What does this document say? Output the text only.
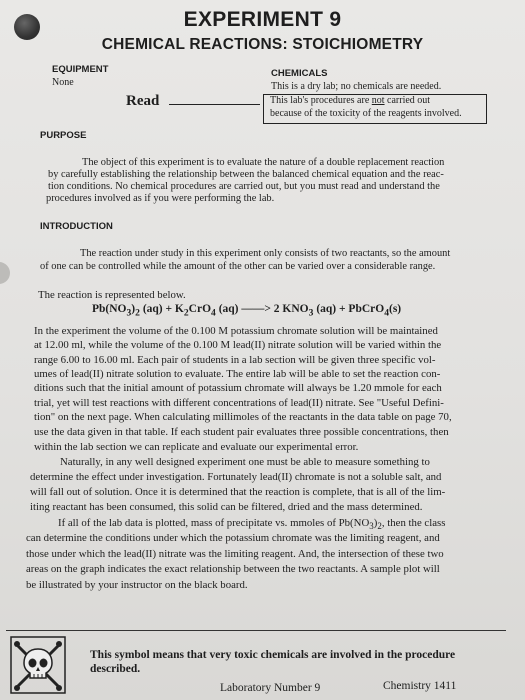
EXPERIMENT 9
CHEMICAL REACTIONS: STOICHIOMETRY
EQUIPMENT
None
CHEMICALS
This is a dry lab; no chemicals are needed.
Read	This lab's procedures are not carried out
because of the toxicity of the reagents involved.
PURPOSE
The object of this experiment is to evaluate the nature of a double replacement reaction
by carefully establishing the relationship between the balanced chemical equation and the reac-
tion conditions. No chemical procedures are carried out, but you must read and understand the
procedures involved as if you were performing the lab.
INTRODUCTION
The reaction under study in this experiment only consists of two reactants, so the amount
of one can be controlled while the amount of the other can be varied over a considerable range.
The reaction is represented below.
$Pb(NO_3)_2$ $(aq) + K_2CrO_4$ (aq) ——> 2 $KNO_3$ (aq) + PbCrO$_4$(s)
In the experiment the volume of the 0.100 M potassium chromate solution will be maintained
at 12.00 ml, while the volume of the 0.100 M lead(II) nitrate solution will be varied within the
range 6.00 to 16.00 ml. Each pair of students in a lab section will be given three specific vol-
umes of lead(II) nitrate solution to evaluate. The entire lab will be able to set the reaction con-
ditions such that the initial amount of potassium chromate will always be 1.20 mmole for each
trial, yet will test reactions with different concentrations of lead(II) nitrate. See "Useful Defini-
tion" on the next page. When calculating millimoles of the reactants in the data table on page 70,
use the data given in that table. If each student pair evaluates three possible concentrations, then
within the lab section we can replicate and evaluate our experimental error.
Naturally, in any well designed experiment one must be able to measure something to
determine the effect under investigation. Fortunately lead(II) chromate is not a soluble salt, and
will fall out of solution. Once it is determined that the reaction is complete, that is all of the lim-
iting reactant has been consumed, this solid can be filtered, dried and the mass determined.
If all of the lab data is plotted, mass of precipitate vs. mmoles of $Pb(NO_3)_2$, then the class
can determine the conditions under which the potassium chromate was the limiting reagent, and
those under which the lead(II) nitrate was the limiting reagent. And, the intersection of these two
areas on the graph indicates the exact relationship between the two reactants. A sample plot will
be illustrated by your instructor on the black board.
This symbol means that very toxic chemicals are involved in the procedure
described.
Laboratory Number 9	Chemistry 1411
